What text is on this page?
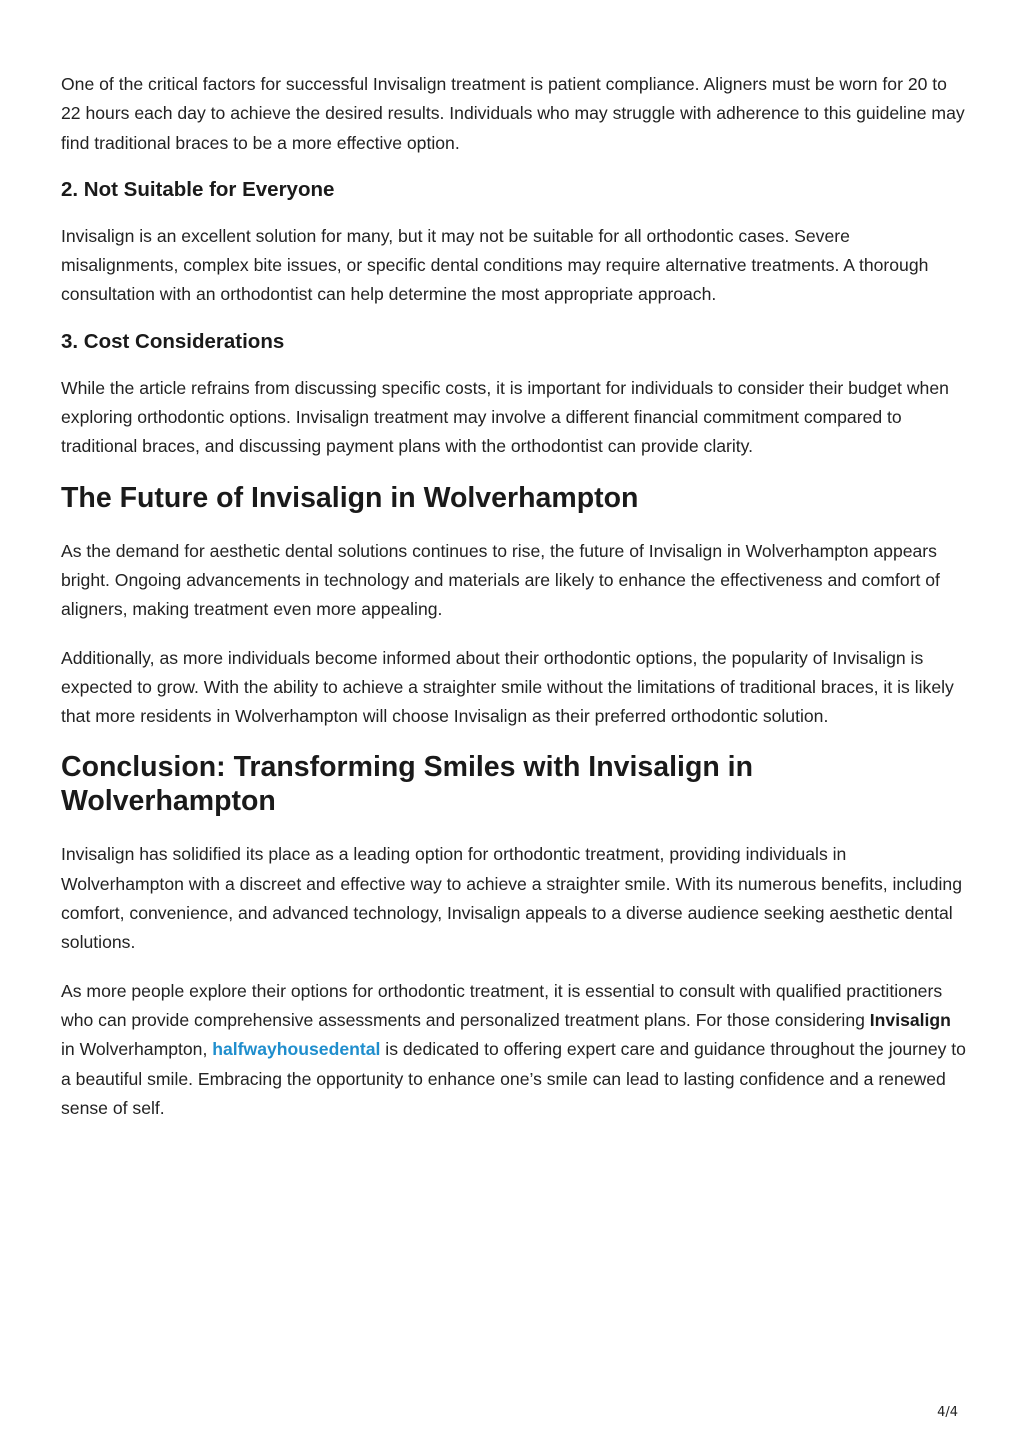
One of the critical factors for successful Invisalign treatment is patient compliance. Aligners must be worn for 20 to 22 hours each day to achieve the desired results. Individuals who may struggle with adherence to this guideline may find traditional braces to be a more effective option.

2. Not Suitable for Everyone

Invisalign is an excellent solution for many, but it may not be suitable for all orthodontic cases. Severe misalignments, complex bite issues, or specific dental conditions may require alternative treatments. A thorough consultation with an orthodontist can help determine the most appropriate approach.

3. Cost Considerations

While the article refrains from discussing specific costs, it is important for individuals to consider their budget when exploring orthodontic options. Invisalign treatment may involve a different financial commitment compared to traditional braces, and discussing payment plans with the orthodontist can provide clarity.

The Future of Invisalign in Wolverhampton

As the demand for aesthetic dental solutions continues to rise, the future of Invisalign in Wolverhampton appears bright. Ongoing advancements in technology and materials are likely to enhance the effectiveness and comfort of aligners, making treatment even more appealing.

Additionally, as more individuals become informed about their orthodontic options, the popularity of Invisalign is expected to grow. With the ability to achieve a straighter smile without the limitations of traditional braces, it is likely that more residents in Wolverhampton will choose Invisalign as their preferred orthodontic solution.

Conclusion: Transforming Smiles with Invisalign in Wolverhampton

Invisalign has solidified its place as a leading option for orthodontic treatment, providing individuals in Wolverhampton with a discreet and effective way to achieve a straighter smile. With its numerous benefits, including comfort, convenience, and advanced technology, Invisalign appeals to a diverse audience seeking aesthetic dental solutions.

As more people explore their options for orthodontic treatment, it is essential to consult with qualified practitioners who can provide comprehensive assessments and personalized treatment plans. For those considering Invisalign in Wolverhampton, halfwayhousedental is dedicated to offering expert care and guidance throughout the journey to a beautiful smile. Embracing the opportunity to enhance one’s smile can lead to lasting confidence and a renewed sense of self.

4/4
